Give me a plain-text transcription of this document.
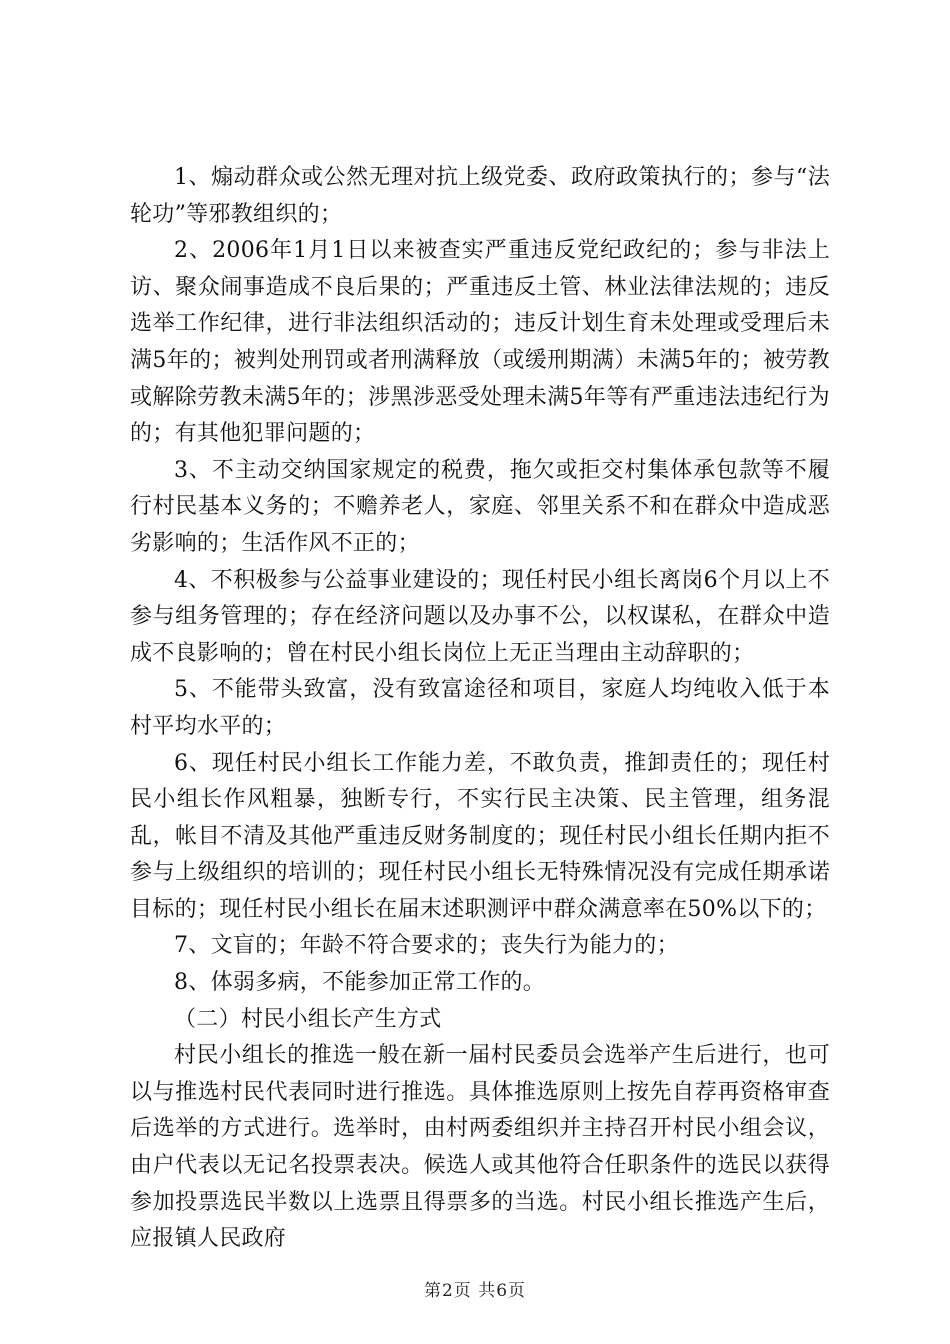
1、煽动群众或公然无理对抗上级党委、政府政策执行的；参与“法轮功”等邪教组织的；

2、2006年1月1日以来被查实严重违反党纪政纪的；参与非法上访、聚众闹事造成不良后果的；严重违反土管、林业法律法规的；违反选举工作纪律，进行非法组织活动的；违反计划生育未处理或受理后未满5年的；被判处刑罚或者刑满释放（或缓刑期满）未满5年的；被劳教或解除劳教未满5年的；涉黑涉恶受处理未满5年等有严重违法违纪行为的；有其他犯罪问题的；

3、不主动交纳国家规定的税费，拖欠或拒交村集体承包款等不履行村民基本义务的；不赡养老人，家庭、邻里关系不和在群众中造成恶劣影响的；生活作风不正的；

4、不积极参与公益事业建设的；现任村民小组长离岗6个月以上不参与组务管理的；存在经济问题以及办事不公，以权谋私，在群众中造成不良影响的；曾在村民小组长岗位上无正当理由主动辞职的；

5、不能带头致富，没有致富途径和项目，家庭人均纯收入低于本村平均水平的；

6、现任村民小组长工作能力差，不敢负责，推卸责任的；现任村民小组长作风粗暴，独断专行，不实行民主决策、民主管理，组务混乱，帐目不清及其他严重违反财务制度的；现任村民小组长任期内拒不参与上级组织的培训的；现任村民小组长无特殊情况没有完成任期承诺目标的；现任村民小组长在届末述职测评中群众满意率在50%以下的；

7、文盲的；年龄不符合要求的；丧失行为能力的；

8、体弱多病，不能参加正常工作的。

（二）村民小组长产生方式

村民小组长的推选一般在新一届村民委员会选举产生后进行，也可以与推选村民代表同时进行推选。具体推选原则上按先自荐再资格审查后选举的方式进行。选举时，由村两委组织并主持召开村民小组会议，由户代表以无记名投票表决。候选人或其他符合任职条件的选民以获得参加投票选民半数以上选票且得票多的当选。村民小组长推选产生后，应报镇人民政府

第2页 共6页
